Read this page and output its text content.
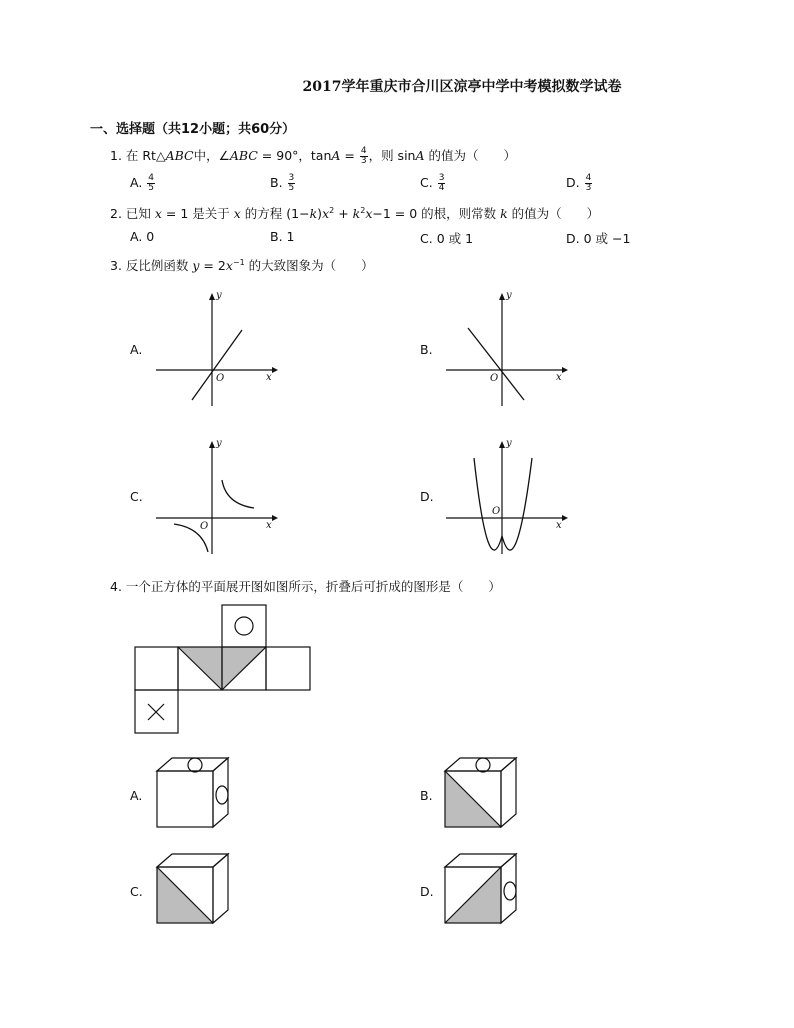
2017学年重庆市合川区涼亭中学中考模拟数学试卷
一、选择题（共12小题；共60分）
1. 在 Rt△ABC中，∠ABC = 90°，$\tan A = \frac{4}{3}$ ，则 sinA 的值为（　　）
A. $\frac{4}{5}$	B. $\frac{3}{5}$	C. $\frac{3}{4}$	D. $\frac{4}{3}$
2. 已知 x = 1 是关于 x 的方程 $(1-k)x^2 + k^2x-1 = 0$ 的根，则常数 k 的值为（　　）
A. 0	B. 1	C. 0 或 1	D. 0 或 −1
3. 反比例函数 $y = 2x^{-1}$ 的大致图象为（　　）
A.	B.
C.	D.
y
x
O
y
x
O
y
x
O
y
x
O
4. 一个正方体的平面展开图如图所示，折叠后可折成的图形是（　　）
A.	B.
C.	D.
